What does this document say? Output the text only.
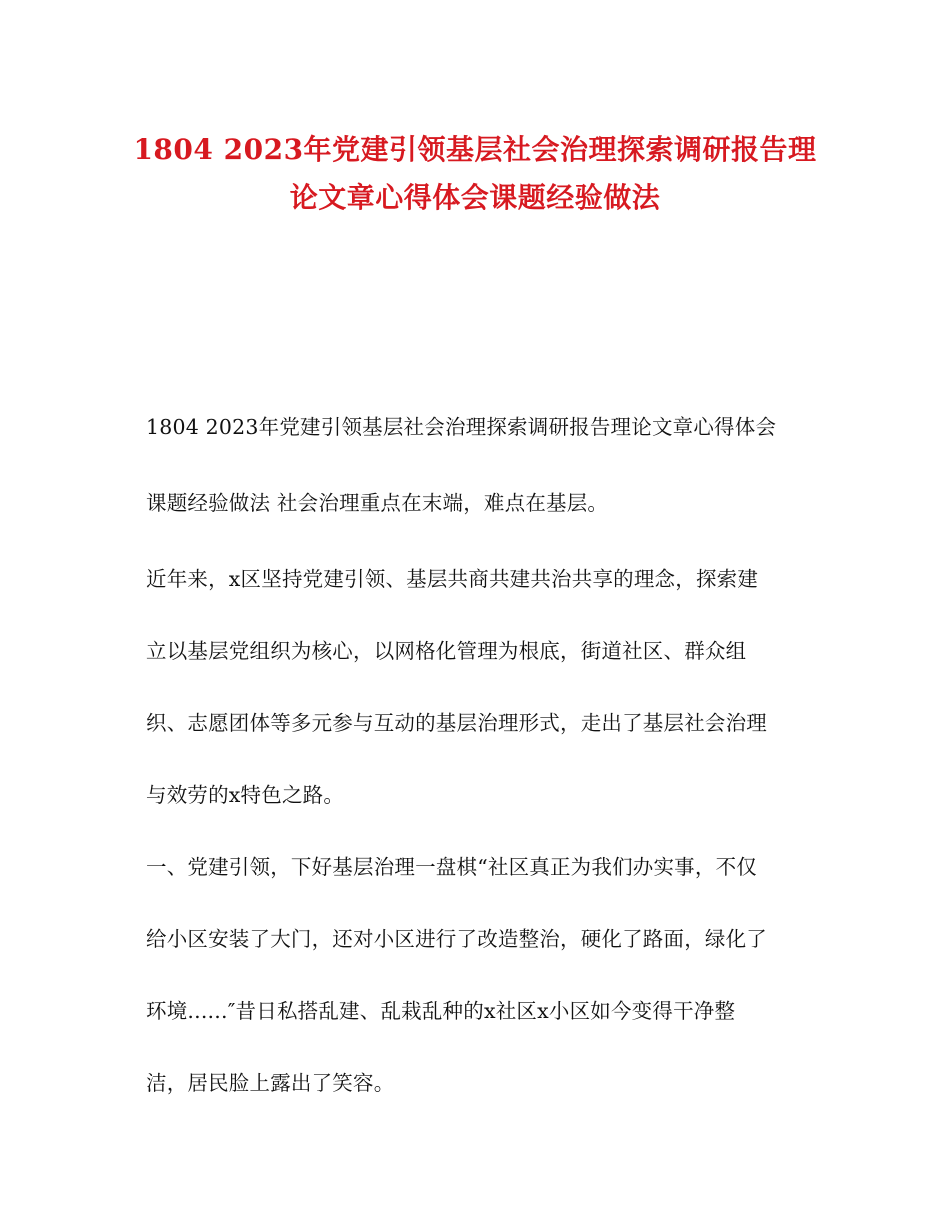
1804 2023年党建引领基层社会治理探索调研报告理
论文章心得体会课题经验做法
1804 2023年党建引领基层社会治理探索调研报告理论文章心得体会
课题经验做法 社会治理重点在末端，难点在基层。
近年来，x区坚持党建引领、基层共商共建共治共享的理念，探索建
立以基层党组织为核心，以网格化管理为根底，街道社区、群众组
织、志愿团体等多元参与互动的基层治理形式，走出了基层社会治理
与效劳的x特色之路。
一、党建引领，下好基层治理一盘棋“社区真正为我们办实事，不仅
给小区安装了大门，还对小区进行了改造整治，硬化了路面，绿化了
环境......″昔日私搭乱建、乱栽乱种的x社区x小区如今变得干净整
洁，居民脸上露出了笑容。
